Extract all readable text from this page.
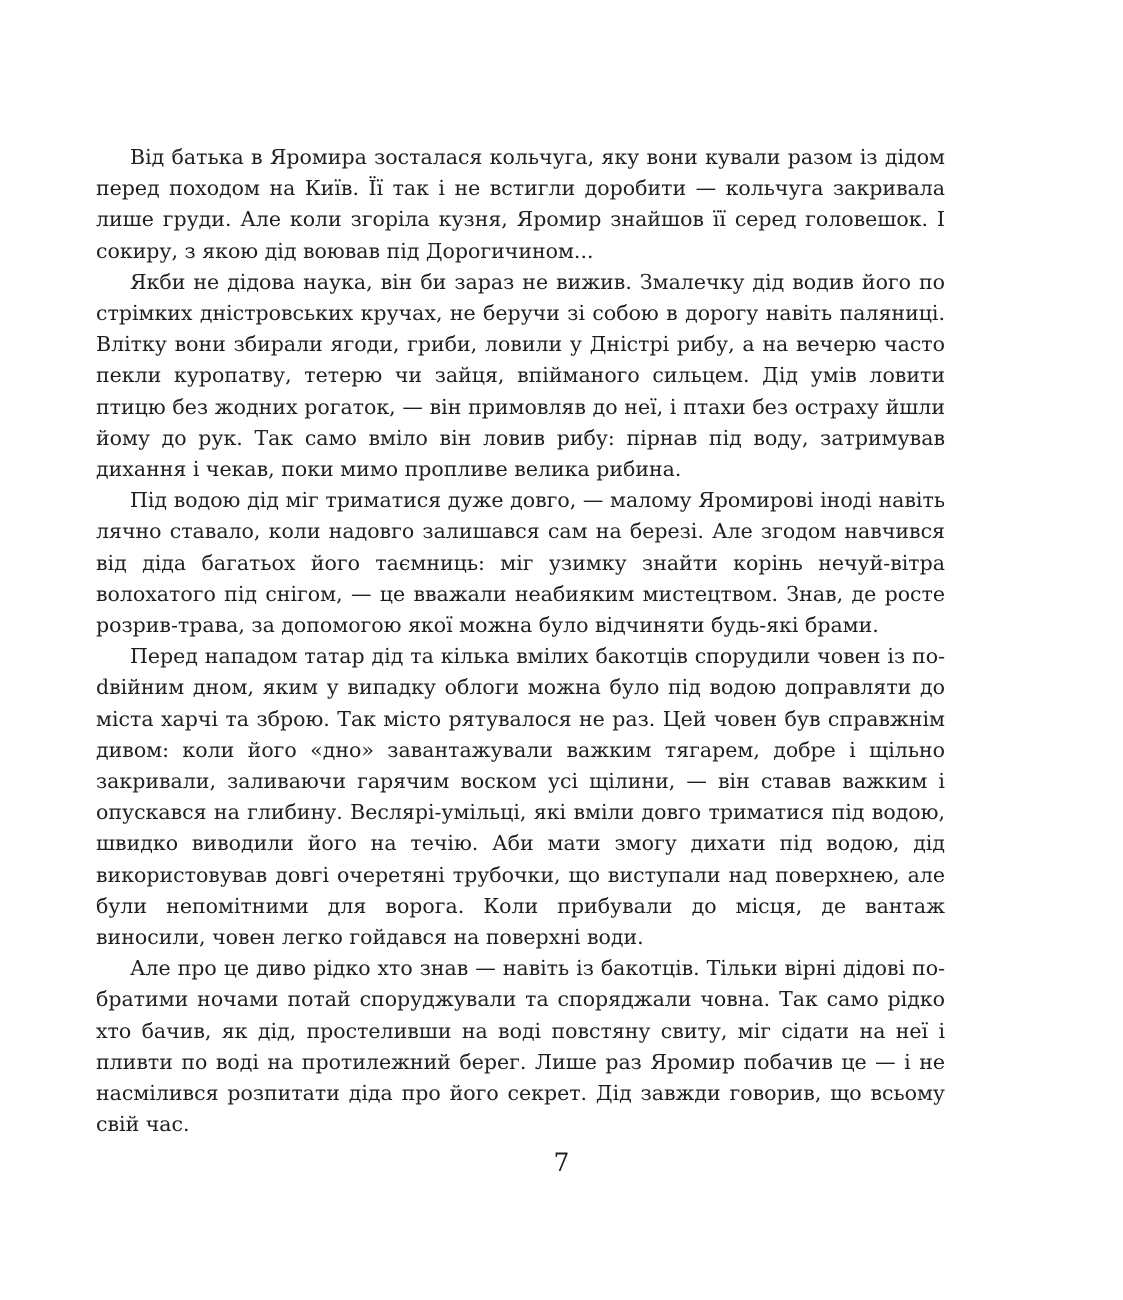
Від батька в Яромира зосталася кольчуга, яку вони кували разом із дідом перед походом на Київ. Її так і не встигли доробити — кольчуга закривала лише груди. Але коли згоріла кузня, Яромир знайшов її серед головешок. І сокиру, з якою дід воював під Дорогичином...

Якби не дідова наука, він би зараз не вижив. Змалечку дід водив його по стрімких дністровських кручах, не беручи зі собою в дорогу навіть паляниці. Влітку вони збирали ягоди, гриби, ловили у Дністрі рибу, а на вечерю часто пекли куропатву, тетерю чи зайця, впійманого сильцем. Дід умів ловити птицю без жодних рогаток, — він примовляв до неї, і птахи без остраху йшли йому до рук. Так само вміло він ловив рибу: пірнав під воду, затримував дихання і чекав, поки мимо пропливе велика рибина.

Під водою дід міг триматися дуже довго, — малому Яромирові іноді навіть лячно ставало, коли надовго залишався сам на березі. Але згодом навчився від діда багатьох його таємниць: міг узимку знайти корінь нечуй-вітра волохатого під снігом, — це вважали неабияким мистецтвом. Знав, де росте розрив-трава, за допомогою якої можна було відчиняти будь-які брами.

Перед нападом татар дід та кілька вмілих бакотців спорудили човен із поdвійним дном, яким у випадку облоги можна було під водою доправляти до міста харчі та зброю. Так місто рятувалося не раз. Цей човен був справжнім дивом: коли його «дно» завантажували важким тягарем, добре і щільно закривали, заливаючи гарячим воском усі щілини, — він ставав важким і опускався на глибину. Веслярі-умільці, які вміли довго триматися під водою, швидко виводили його на течію. Аби мати змогу дихати під водою, дід використовував довгі очеретяні трубочки, що виступали над поверхнею, але були непомітними для ворога. Коли прибували до місця, де вантаж виносили, човен легко гойдався на поверхні води.

Але про це диво рідко хто знав — навіть із бакотців. Тільки вірні дідові побратими ночами потай споруджували та споряджали човна. Так само рідко хто бачив, як дід, простеливши на воді повстяну свиту, міг сідати на неї і пливти по воді на протилежний берег. Лише раз Яромир побачив це — і не насмілився розпитати діда про його секрет. Дід завжди говорив, що всьому свій час.

7
